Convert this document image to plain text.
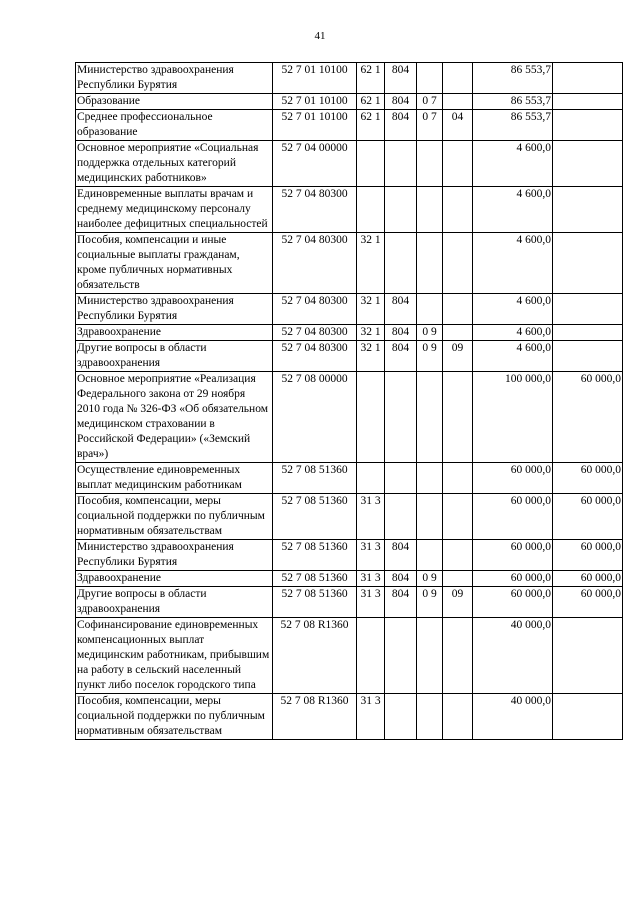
41
Министерство здравоохранения Республики Бурятия	52 7 01 10100	62 1	804			86 553,7	
Образование	52 7 01 10100	62 1	804	0 7		86 553,7	
Среднее профессиональное образование	52 7 01 10100	62 1	804	0 7	04	86 553,7	
Основное мероприятие «Социальная поддержка отдельных категорий медицинских работников»	52 7 04 00000					4 600,0	
Единовременные выплаты врачам и среднему медицинскому персоналу наиболее дефицитных специальностей	52 7 04 80300					4 600,0	
Пособия, компенсации и иные социальные выплаты гражданам, кроме публичных нормативных обязательств	52 7 04 80300	32 1				4 600,0	
Министерство здравоохранения Республики Бурятия	52 7 04 80300	32 1	804			4 600,0	
Здравоохранение	52 7 04 80300	32 1	804	0 9		4 600,0	
Другие вопросы в области здравоохранения	52 7 04 80300	32 1	804	0 9	09	4 600,0	
Основное мероприятие «Реализация Федерального закона от 29 ноября 2010 года № 326-ФЗ «Об обязательном медицинском страховании в Российской Федерации» («Земский врач»)	52 7 08 00000					100 000,0	60 000,0
Осуществление единовременных выплат медицинским работникам	52 7 08 51360					60 000,0	60 000,0
Пособия, компенсации, меры социальной поддержки по публичным нормативным обязательствам	52 7 08 51360	31 3				60 000,0	60 000,0
Министерство здравоохранения Республики Бурятия	52 7 08 51360	31 3	804			60 000,0	60 000,0
Здравоохранение	52 7 08 51360	31 3	804	0 9		60 000,0	60 000,0
Другие вопросы в области здравоохранения	52 7 08 51360	31 3	804	0 9	09	60 000,0	60 000,0
Софинансирование единовременных компенсационных выплат медицинским работникам, прибывшим на работу в сельский населенный пункт либо поселок городского типа	52 7 08 R1360					40 000,0	
Пособия, компенсации, меры социальной поддержки по публичным нормативным обязательствам	52 7 08 R1360	31 3				40 000,0	
